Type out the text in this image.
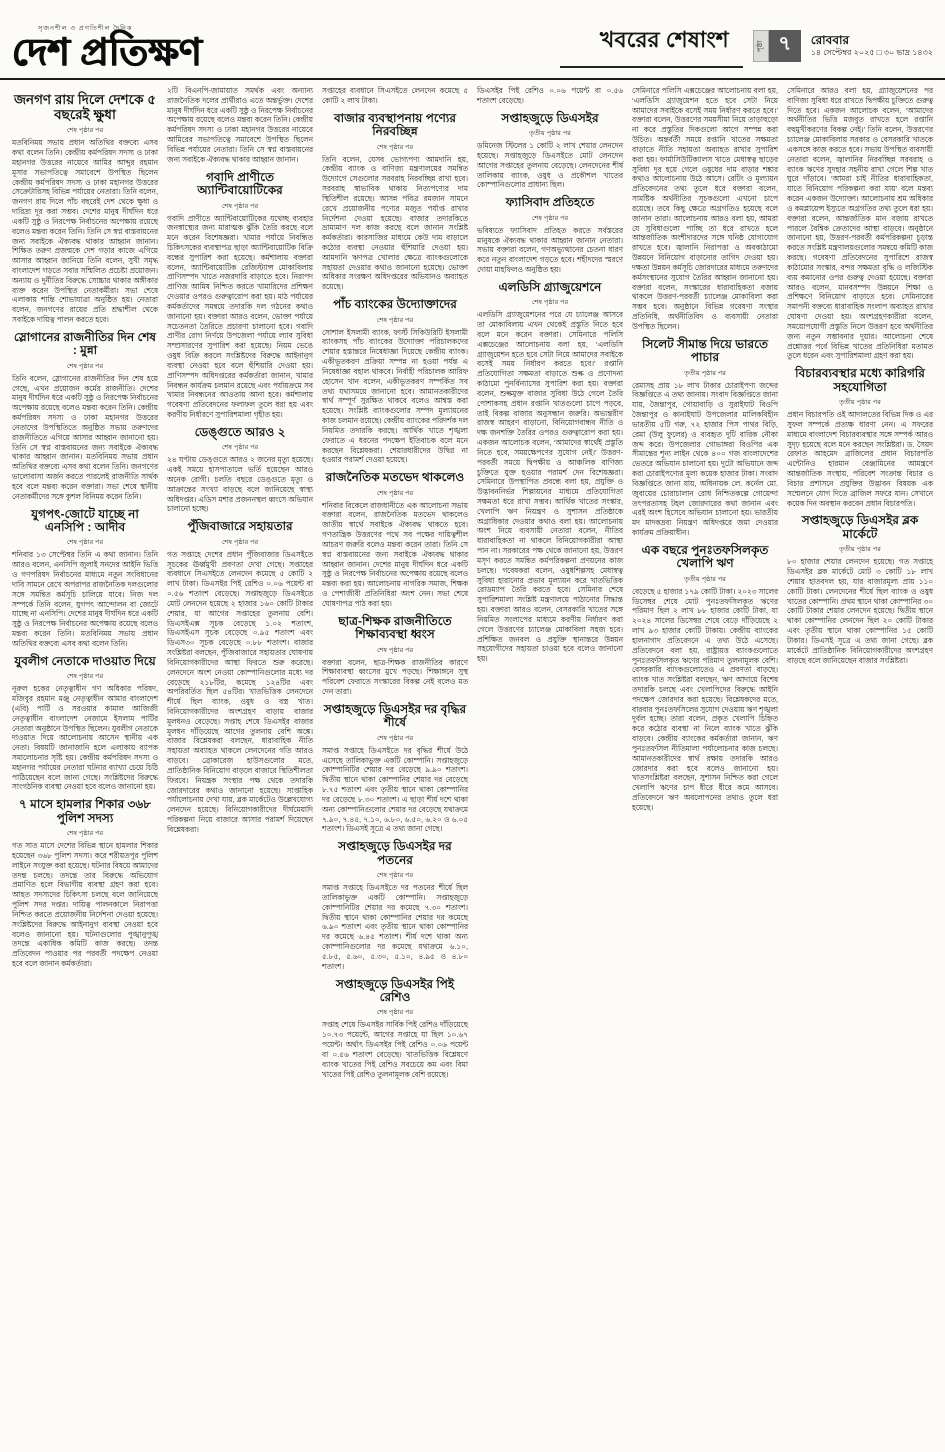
সৃজনশীল ও প্রগতিশীল দৈনিক
দেশ প্রতিক্ষণ	খবরের শেষাংশ	পৃষ্ঠা ৭	রোববার
১৪ সেপ্টেম্বর ২০২৫ □ ৩০ ভাদ্র ১৪৩২
জনগণ রায় দিলে দেশকে ৫ বছরেই ক্ষুধা
শেষ পৃষ্ঠার পর

মতবিনিময় সভায় প্রধান অতিথির বক্তব্যে এসব কথা বলেন তিনি। কেন্দ্রীয় কর্মপরিষদ সদস্য ও ঢাকা মহানগর উত্তরের নায়েবে আমির আব্দুর রহমান মূসার সভাপতিত্বে সমাবেশে উপস্থিত ছিলেন কেন্দ্রীয় কর্মপরিষদ সদস্য ও ঢাকা মহানগর উত্তরের সেক্রেটারিসহ বিভিন্ন পর্যায়ের নেতারা। তিনি বলেন, জনগণ রায় দিলে পাঁচ বছরেই দেশ থেকে ক্ষুধা ও দারিদ্র্য দূর করা সম্ভব। দেশের মানুষ দীর্ঘদিন ধরে একটি সুষ্ঠু ও নিরপেক্ষ নির্বাচনের অপেক্ষায় রয়েছে বলেও মন্তব্য করেন তিনি। তিনি সে স্বপ্ন বাস্তবায়নের জন্য সবাইকে ঐক্যবদ্ধ থাকার আহ্বান জানান। শিক্ষিত তরুণ প্রজন্মকে দেশ গড়ার কাজে এগিয়ে আসার আহ্বান জানিয়ে তিনি বলেন, সুখী সমৃদ্ধ বাংলাদেশ গড়তে সবার সম্মিলিত প্রচেষ্টা প্রয়োজন। অন্যায় ও দুর্নীতির বিরুদ্ধে সোচ্চার থাকার অঙ্গীকার ব্যক্ত করেন উপস্থিত নেতাকর্মীরা। সভা শেষে এলাকায় শান্তি শোভাযাত্রা অনুষ্ঠিত হয়। নেতারা বলেন, জনগণের রায়ের প্রতি শ্রদ্ধাশীল থেকে সবাইকে দায়িত্ব পালন করতে হবে।

স্লোগানের রাজনীতির দিন শেষ : মুন্না
শেষ পৃষ্ঠার পর

তিনি বলেন, স্লোগানের রাজনীতির দিন শেষ হয়ে গেছে, এখন প্রয়োজন কর্মের রাজনীতি। দেশের মানুষ দীর্ঘদিন ধরে একটি সুষ্ঠু ও নিরপেক্ষ নির্বাচনের অপেক্ষায় রয়েছে বলেও মন্তব্য করেন তিনি। কেন্দ্রীয় কর্মপরিষদ সদস্য ও ঢাকা মহানগর উত্তরের নেতাদের উপস্থিতিতে অনুষ্ঠিত সভায় তরুণদের রাজনীতিতে এগিয়ে আসার আহ্বান জানানো হয়। তিনি সে স্বপ্ন বাস্তবায়নের জন্য সবাইকে ঐক্যবদ্ধ থাকার আহ্বান জানান। মতবিনিময় সভায় প্রধান অতিথির বক্তব্যে এসব কথা বলেন তিনি। জনগণের ভালোবাসা অর্জন করতে পারলেই রাজনীতি সার্থক হবে বলে মন্তব্য করেন বক্তারা। সভা শেষে স্থানীয় নেতাকর্মীদের সঙ্গে কুশল বিনিময় করেন তিনি।

যুগপৎ-জোটে যাচ্ছে না এনসিপি : আদীব
শেষ পৃষ্ঠার পর

শনিবার ১৩ সেপ্টেম্বর তিনি এ কথা জানান। তিনি আরও বলেন, এনসিপি জুলাই সনদের আইনি ভিত্তি ও গণপরিষদ নির্বাচনের মাধ্যমে নতুন সংবিধানের দাবি সামনে রেখে অপরাপর রাজনৈতিক দলগুলোর সঙ্গে সমন্বিত কর্মসূচি চালিয়ে যাবে। নিজ দল সম্পর্কে তিনি বলেন, যুগপৎ আন্দোলন বা জোটে যাচ্ছে না এনসিপি। দেশের মানুষ দীর্ঘদিন ধরে একটি সুষ্ঠু ও নিরপেক্ষ নির্বাচনের অপেক্ষায় রয়েছে বলেও মন্তব্য করেন তিনি। মতবিনিময় সভায় প্রধান অতিথির বক্তব্যে এসব কথা বলেন তিনি।

যুবলীগ নেতাকে দাওয়াত দিয়ে
শেষ পৃষ্ঠার পর

নূরুল হকের নেতৃত্বাধীন গণ অধিকার পরিষদ, মজিবুর রহমান মঞ্জু নেতৃত্বাধীন আমার বাংলাদেশ (এবি) পার্টি ও সরওয়ার কামাল আজিজী নেতৃত্বাধীন বাংলাদেশ নেজামে ইসলাম পার্টির নেতারা অনুষ্ঠানে উপস্থিত ছিলেন। যুবলীগ নেতাকে দাওয়াত দিয়ে আলোচনায় আসেন স্থানীয় এক নেতা। বিষয়টি জানাজানি হলে এলাকায় ব্যাপক সমালোচনার সৃষ্টি হয়। কেন্দ্রীয় কর্মপরিষদ সদস্য ও মহানগর পর্যায়ের নেতারা ঘটনার ব্যাখ্যা চেয়ে চিঠি পাঠিয়েছেন বলে জানা গেছে। সংশ্লিষ্টদের বিরুদ্ধে সাংগঠনিক ব্যবস্থা নেওয়া হবে বলেও জানানো হয়।

৭ মাসে হামলার শিকার ৩৬৮ পুলিশ সদস্য
শেষ পৃষ্ঠার পর

গত সাত মাসে দেশের বিভিন্ন স্থানে হামলার শিকার হয়েছেন ৩৬৮ পুলিশ সদস্য। করে শরীয়তপুর পুলিশ লাইনে সংযুক্ত করা হয়েছে। ঘটনার বিষয়ে আমাদের তদন্ত চলছে। তদন্তে তার বিরুদ্ধে অভিযোগ প্রমাণিত হলে বিভাগীয় ব্যবস্থা গ্রহণ করা হবে। আহত সদস্যদের চিকিৎসা চলছে বলে জানিয়েছে পুলিশ সদর দপ্তর। দায়িত্ব পালনকালে নিরাপত্তা নিশ্চিত করতে প্রয়োজনীয় নির্দেশনা দেওয়া হয়েছে। সংশ্লিষ্টদের বিরুদ্ধে আইনানুগ ব্যবস্থা নেওয়া হবে বলেও জানানো হয়। ঘটনাগুলোর পুঙ্খানুপুঙ্খ তদন্তে একাধিক কমিটি কাজ করছে। তদন্ত প্রতিবেদন পাওয়ার পর পরবর্তী পদক্ষেপ নেওয়া হবে বলে জানান কর্মকর্তারা।

২টি বিএনপি-জামায়াত সমর্থক এবং অন্যান্য রাজনৈতিক দলের প্রার্থীরাও এতে অন্তর্ভুক্ত। দেশের মানুষ দীর্ঘদিন ধরে একটি সুষ্ঠু ও নিরপেক্ষ নির্বাচনের অপেক্ষায় রয়েছে বলেও মন্তব্য করেন তিনি। কেন্দ্রীয় কর্মপরিষদ সদস্য ও ঢাকা মহানগর উত্তরের নায়েবে আমিরের সভাপতিত্বে সমাবেশে উপস্থিত ছিলেন বিভিন্ন পর্যায়ের নেতারা। তিনি সে স্বপ্ন বাস্তবায়নের জন্য সবাইকে ঐক্যবদ্ধ থাকার আহ্বান জানান।

গবাদি প্রাণীতে অ্যান্টিবায়োটিকের
শেষ পৃষ্ঠার পর

গবাদি প্রাণীতে অ্যান্টিবায়োটিকের যথেচ্ছ ব্যবহার জনস্বাস্থ্যের জন্য মারাত্মক ঝুঁকি তৈরি করছে বলে মনে করেন বিশেষজ্ঞরা। খামার পর্যায়ে নিবন্ধিত চিকিৎসকের ব্যবস্থাপত্র ছাড়া অ্যান্টিবায়োটিক বিক্রি বন্ধের সুপারিশ করা হয়েছে। কর্মশালায় বক্তারা বলেন, অ্যান্টিবায়োটিক রেজিস্ট্যান্স মোকাবিলায় প্রাণিসম্পদ খাতে নজরদারি বাড়াতে হবে। নিরাপদ প্রাণিজ আমিষ নিশ্চিত করতে খামারিদের প্রশিক্ষণ দেওয়ার ওপরও গুরুত্বারোপ করা হয়। মাঠ পর্যায়ের কর্মকর্তাদের সমন্বয়ে তদারকি দল গঠনের কথাও জানানো হয়। বক্তারা আরও বলেন, ভোক্তা পর্যায়ে সচেতনতা তৈরিতে প্রচারণা চালানো হবে। গবাদি প্রাণীর রোগ নির্ণয়ে উপজেলা পর্যায়ে ল্যাব সুবিধা সম্প্রসারণের সুপারিশ করা হয়েছে। নিয়ম ভেঙে ওষুধ বিক্রি করলে সংশ্লিষ্টদের বিরুদ্ধে আইনানুগ ব্যবস্থা নেওয়া হবে বলে হুঁশিয়ারি দেওয়া হয়। প্রাণিসম্পদ অধিদপ্তরের কর্মকর্তারা জানান, খামার নিবন্ধন কার্যক্রম চলমান রয়েছে এবং পর্যায়ক্রমে সব খামার নিবন্ধনের আওতায় আনা হবে। কর্মশালায় গবেষণা প্রতিবেদনের ফলাফল তুলে ধরা হয় এবং করণীয় নির্ধারণে সুপারিশমালা গৃহীত হয়।

ডেঙ্গুতে আরও ২
শেষ পৃষ্ঠার পর

২৪ ঘণ্টায় ডেঙ্গুতে আরও ২ জনের মৃত্যু হয়েছে। একই সময়ে হাসপাতালে ভর্তি হয়েছেন আরও অনেক রোগী। চলতি বছরে ডেঙ্গুতে মৃত্যু ও আক্রান্তের সংখ্যা বাড়ছে বলে জানিয়েছে স্বাস্থ্য অধিদপ্তর। এডিস মশার প্রজননস্থল ধ্বংসে অভিযান চালানো হচ্ছে।

পুঁজিবাজারে সহায়তার
শেষ পৃষ্ঠার পর

গত সপ্তাহে দেশের প্রধান পুঁজিবাজার ডিএসইতে সূচকের ঊর্ধ্বমুখী প্রবণতা দেখা গেছে। সপ্তাহের ব্যবধানে সিএসইতে লেনদেন কমেছে ৫ কোটি ২ লাখ টাকা। ডিএসইর পিই রেশিও ০.০৬ পয়েন্ট বা ০.৫৬ শতাংশ বেড়েছে। সপ্তাহজুড়ে ডিএসইতে মোট লেনদেন হয়েছে ২ হাজার ১৬০ কোটি টাকার শেয়ার, যা আগের সপ্তাহের তুলনায় বেশি। ডিএসইএক্স সূচক বেড়েছে ১.০২ শতাংশ, ডিএসইএস সূচক বেড়েছে ০.৯৫ শতাংশ এবং ডিএস৩০ সূচক বেড়েছে ০.৮৮ শতাংশ। বাজার সংশ্লিষ্টরা বলছেন, পুঁজিবাজারে সহায়তার ঘোষণায় বিনিয়োগকারীদের আস্থা ফিরতে শুরু করেছে। লেনদেনে অংশ নেওয়া কোম্পানিগুলোর মধ্যে দর বেড়েছে ২১৮টির, কমেছে ১২৪টির এবং অপরিবর্তিত ছিল ৫৪টির। খাতভিত্তিক লেনদেনে শীর্ষে ছিল ব্যাংক, ওষুধ ও বস্ত্র খাত। বিনিয়োগকারীদের অংশগ্রহণ বাড়ায় বাজার মূলধনও বেড়েছে। সপ্তাহ শেষে ডিএসইর বাজার মূলধন দাঁড়িয়েছে আগের তুলনায় বেশি অঙ্কে। বাজার বিশ্লেষকরা বলছেন, ধারাবাহিক নীতি সহায়তা অব্যাহত থাকলে লেনদেনের গতি আরও বাড়বে। ব্রোকারেজ হাউসগুলোর মতে, প্রাতিষ্ঠানিক বিনিয়োগ বাড়লে বাজারে স্থিতিশীলতা ফিরবে। নিয়ন্ত্রক সংস্থার পক্ষ থেকে তদারকি জোরদারের কথাও জানানো হয়েছে। সাপ্তাহিক পর্যালোচনায় দেখা যায়, ব্লক মার্কেটেও উল্লেখযোগ্য লেনদেন হয়েছে। বিনিয়োগকারীদের দীর্ঘমেয়াদি পরিকল্পনা নিয়ে বাজারে আসার পরামর্শ দিয়েছেন বিশ্লেষকরা।

সপ্তাহের ব্যবধানে সিএসইতে লেনদেন কমেছে ৫ কোটি ২ লাখ টাকা।

বাজার ব্যবস্থাপনায় পণ্যের নিরবচ্ছিন্ন
শেষ পৃষ্ঠার পর

তিনি বলেন, যেসব ভোগ্যপণ্য আমদানি হয়, কেন্দ্রীয় ব্যাংক ও বাণিজ্য মন্ত্রণালয়ের সমন্বিত উদ্যোগে সেগুলোর সরবরাহ নিরবচ্ছিন্ন রাখা হবে। সরবরাহ স্বাভাবিক থাকায় নিত্যপণ্যের দাম স্থিতিশীল রয়েছে। আসন্ন পবিত্র রমজান সামনে রেখে প্রয়োজনীয় পণ্যের মজুত পর্যাপ্ত রাখার নির্দেশনা দেওয়া হয়েছে। বাজার তদারকিতে ভ্রাম্যমাণ দল কাজ করছে বলে জানান সংশ্লিষ্ট কর্মকর্তারা। কারসাজির মাধ্যমে কেউ দাম বাড়ালে কঠোর ব্যবস্থা নেওয়ার হুঁশিয়ারি দেওয়া হয়। আমদানি ঋণপত্র খোলার ক্ষেত্রে ব্যাংকগুলোকে সহায়তা দেওয়ার কথাও জানানো হয়েছে। ভোক্তা অধিকার সংরক্ষণ অধিদপ্তরের অভিযানও অব্যাহত রয়েছে।

পাঁচ ব্যাংকের উদ্যোক্তাদের
শেষ পৃষ্ঠার পর

সোশাল ইসলামী ব্যাংক, ফার্স্ট সিকিউরিটি ইসলামী ব্যাংকসহ পাঁচ ব্যাংকের উদ্যোক্তা পরিচালকদের শেয়ার হস্তান্তরে নিষেধাজ্ঞা দিয়েছে কেন্দ্রীয় ব্যাংক। একীভূতকরণ প্রক্রিয়া সম্পন্ন না হওয়া পর্যন্ত এ নিষেধাজ্ঞা বহাল থাকবে। নির্বাহী পরিচালক আরিফ হোসেন খান বলেন, একীভূতকরণ সম্পর্কিত সব তথ্য যথাসময়ে জানানো হবে। আমানতকারীদের স্বার্থ সম্পূর্ণ সুরক্ষিত থাকবে বলেও আশ্বস্ত করা হয়েছে। সংশ্লিষ্ট ব্যাংকগুলোর সম্পদ মূল্যায়নের কাজ চলমান রয়েছে। কেন্দ্রীয় ব্যাংকের পরিদর্শক দল নিয়মিত তদারকি করছে। আর্থিক খাতে শৃঙ্খলা ফেরাতে এ ধরনের পদক্ষেপ ইতিবাচক বলে মনে করছেন বিশ্লেষকরা। শেয়ারধারীদের উদ্বিগ্ন না হওয়ার পরামর্শ দেওয়া হয়েছে।

রাজনৈতিক মতভেদ থাকলেও
শেষ পৃষ্ঠার পর

শনিবার বিকেলে রাজধানীতে এক আলোচনা সভায় বক্তারা বলেন, রাজনৈতিক মতভেদ থাকলেও জাতীয় স্বার্থে সবাইকে ঐক্যবদ্ধ থাকতে হবে। গণতান্ত্রিক উত্তরণের পথে সব পক্ষের দায়িত্বশীল আচরণ জরুরি বলেও মন্তব্য করেন তারা। তিনি সে স্বপ্ন বাস্তবায়নের জন্য সবাইকে ঐক্যবদ্ধ থাকার আহ্বান জানান। দেশের মানুষ দীর্ঘদিন ধরে একটি সুষ্ঠু ও নিরপেক্ষ নির্বাচনের অপেক্ষায় রয়েছে বলেও মন্তব্য করা হয়। আলোচনায় নাগরিক সমাজ, শিক্ষক ও পেশাজীবী প্রতিনিধিরা অংশ নেন। সভা শেষে ঘোষণাপত্র পাঠ করা হয়।

ছাত্র-শিক্ষক রাজনীতিতে শিক্ষাব্যবস্থা ধ্বংস
শেষ পৃষ্ঠার পর

বক্তারা বলেন, ছাত্র-শিক্ষক রাজনীতির কারণে শিক্ষাব্যবস্থা ধ্বংসের মুখে পড়ছে। শিক্ষাঙ্গনে সুস্থ পরিবেশ ফেরাতে সংস্কারের বিকল্প নেই বলেও মত দেন তারা।

সপ্তাহজুড়ে ডিএসইর দর বৃদ্ধির শীর্ষে
শেষ পৃষ্ঠার পর

সমাপ্ত সপ্তাহে ডিএসইতে দর বৃদ্ধির শীর্ষে উঠে এসেছে তালিকাভুক্ত একটি কোম্পানি। সপ্তাহজুড়ে কোম্পানিটির শেয়ার দর বেড়েছে ৯.৯০ শতাংশ। দ্বিতীয় স্থানে থাকা কোম্পানির শেয়ার দর বেড়েছে ৮.৭৫ শতাংশ এবং তৃতীয় স্থানে থাকা কোম্পানির দর বেড়েছে ৮.৩০ শতাংশ। এ ছাড়া শীর্ষ দশে থাকা অন্য কোম্পানিগুলোর শেয়ার দর বেড়েছে যথাক্রমে ৭.৯০, ৭.৪৫, ৭.১০, ৬.৮০, ৬.৫০, ৬.২০ ও ৬.০৫ শতাংশ। ডিএসই সূত্রে এ তথ্য জানা গেছে।

সপ্তাহজুড়ে ডিএসইর দর পতনের
শেষ পৃষ্ঠার পর

সমাপ্ত সপ্তাহে ডিএসইতে দর পতনের শীর্ষে ছিল তালিকাভুক্ত একটি কোম্পানি। সপ্তাহজুড়ে কোম্পানিটির শেয়ার দর কমেছে ৭.৩০ শতাংশ। দ্বিতীয় স্থানে থাকা কোম্পানির শেয়ার দর কমেছে ৬.৯০ শতাংশ এবং তৃতীয় স্থানে থাকা কোম্পানির দর কমেছে ৬.৪৫ শতাংশ। শীর্ষ দশে থাকা অন্য কোম্পানিগুলোর দর কমেছে যথাক্রমে ৬.১০, ৫.৮৫, ৫.৬০, ৫.৩০, ৫.১০, ৪.৯৫ ও ৪.৮০ শতাংশ।

সপ্তাহজুড়ে ডিএসইর পিই রেশিও
শেষ পৃষ্ঠার পর

সপ্তাহ শেষে ডিএসইর সার্বিক পিই রেশিও দাঁড়িয়েছে ১০.৭৩ পয়েন্টে, আগের সপ্তাহে যা ছিল ১০.৬৭ পয়েন্ট। অর্থাৎ ডিএসইর পিই রেশিও ০.০৬ পয়েন্ট বা ০.৫৬ শতাংশ বেড়েছে। খাতভিত্তিক বিশ্লেষণে ব্যাংক খাতের পিই রেশিও সবচেয়ে কম এবং বিমা খাতের পিই রেশিও তুলনামূলক বেশি রয়েছে।

ডিএসইর পিই রেশিও ০.০৬ পয়েন্ট বা ০.৫৬ শতাংশ বেড়েছে।

সপ্তাহজুড়ে ডিএসইর
তৃতীয় পৃষ্ঠার পর

ডমিনেজ স্টিলের ১ কোটি ২ লাখ শেয়ার লেনদেন হয়েছে। সপ্তাহজুড়ে ডিএসইতে মোট লেনদেন আগের সপ্তাহের তুলনায় বেড়েছে। লেনদেনের শীর্ষ তালিকায় ব্যাংক, ওষুধ ও প্রকৌশল খাতের কোম্পানিগুলোর প্রাধান্য ছিল।

ফ্যাসিবাদ প্রতিহতে
শেষ পৃষ্ঠার পর

ভবিষ্যতে ফ্যাসিবাদ প্রতিহত করতে সর্বস্তরের মানুষকে ঐক্যবদ্ধ থাকার আহ্বান জানান নেতারা। সভায় বক্তারা বলেন, গণঅভ্যুত্থানের চেতনা ধারণ করে নতুন বাংলাদেশ গড়তে হবে। শহীদদের স্মরণে দোয়া মাহফিলও অনুষ্ঠিত হয়।

এলডিসি গ্র্যাজুয়েশনে
শেষ পৃষ্ঠার পর

এলডিসি গ্র্যাজুয়েশনের পরে যে চ্যালেঞ্জ আসবে তা মোকাবিলায় এখন থেকেই প্রস্তুতি নিতে হবে বলে মনে করেন বক্তারা। সেমিনারে পলিসি এক্সচেঞ্জের আলোচনায় বলা হয়, ‘এলডিসি গ্র্যাজুয়েশন হতে হবে সেটা নিয়ে আমাদের সবাইকে বসেই সময় নির্ধারণ করতে হবে।’ রপ্তানি প্রতিযোগিতা সক্ষমতা বাড়াতে শুল্ক ও প্রণোদনা কাঠামো পুনর্বিন্যাসের সুপারিশ করা হয়। বক্তারা বলেন, শুল্কমুক্ত বাজার সুবিধা উঠে গেলে তৈরি পোশাকসহ প্রধান রপ্তানি খাতগুলো চাপে পড়বে, তাই বিকল্প বাজার অনুসন্ধান জরুরি। অভ্যন্তরীণ রাজস্ব আহরণ বাড়ানো, বিনিয়োগবান্ধব নীতি ও দক্ষ জনশক্তি তৈরির ওপরও গুরুত্বারোপ করা হয়। একজন আলোচক বলেন, ‘আমাদের স্বার্থেই প্রস্তুতি নিতে হবে, সময়ক্ষেপণের সুযোগ নেই।’ উত্তরণ-পরবর্তী সময়ে দ্বিপক্ষীয় ও আঞ্চলিক বাণিজ্য চুক্তিতে যুক্ত হওয়ার পরামর্শ দেন বিশেষজ্ঞরা। সেমিনারে উপস্থাপিত প্রবন্ধে বলা হয়, প্রযুক্তি ও উদ্ভাবননির্ভর শিল্পায়নের মাধ্যমে প্রতিযোগিতা সক্ষমতা ধরে রাখা সম্ভব। আর্থিক খাতের সংস্কার, খেলাপি ঋণ নিয়ন্ত্রণ ও সুশাসন প্রতিষ্ঠাকে অগ্রাধিকার দেওয়ার কথাও বলা হয়। আলোচনায় অংশ নিয়ে ব্যবসায়ী নেতারা বলেন, নীতির ধারাবাহিকতা না থাকলে বিনিয়োগকারীরা আস্থা পান না। সরকারের পক্ষ থেকে জানানো হয়, উত্তরণ মসৃণ করতে সমন্বিত কর্মপরিকল্পনা প্রণয়নের কাজ চলছে। গবেষকরা বলেন, ওষুধশিল্পসহ মেধাস্বত্ব সুবিধা হারানোর প্রভাব মূল্যায়ন করে খাতভিত্তিক রোডম্যাপ তৈরি করতে হবে। সেমিনার শেষে সুপারিশমালা সংশ্লিষ্ট মন্ত্রণালয়ে পাঠানোর সিদ্ধান্ত হয়। বক্তারা আরও বলেন, বেসরকারি খাতের সঙ্গে নিয়মিত সংলাপের মাধ্যমে করণীয় নির্ধারণ করা গেলে উত্তরণের চ্যালেঞ্জ মোকাবিলা সহজ হবে। প্রশিক্ষিত জনবল ও প্রযুক্তি স্থানান্তরে উন্নয়ন সহযোগীদের সহায়তা চাওয়া হবে বলেও জানানো হয়।

সেমিনারে পলিসি এক্সচেঞ্জের আলোচনায় বলা হয়, ‘এলডিসি গ্র্যাজুয়েশন হতে হবে সেটা নিয়ে আমাদের সবাইকে বসেই সময় নির্ধারণ করতে হবে।’ বক্তারা বলেন, উত্তরণের সময়সীমা নিয়ে তাড়াহুড়ো না করে প্রস্তুতির দিকগুলো আগে সম্পন্ন করা উচিত। অন্তর্বর্তী সময়ে রপ্তানি খাতের সক্ষমতা বাড়াতে নীতি সহায়তা অব্যাহত রাখার সুপারিশ করা হয়। ফার্মাসিউটিক্যালস খাতে মেধাস্বত্ব ছাড়ের সুবিধা দূর হয়ে গেলে ওষুধের দাম বাড়ার শঙ্কার কথাও আলোচনায় উঠে আসে। রেটিং ও মূল্যায়ন প্রতিবেদনের তথ্য তুলে ধরে বক্তারা বলেন, সামষ্টিক অর্থনীতির সূচকগুলো এখনো চাপে রয়েছে। তবে কিছু ক্ষেত্রে অগ্রগতিও হয়েছে বলে জানান তারা। আলোচনায় আরও বলা হয়, আমরা যে সুবিধাগুলো পাচ্ছি তা ধরে রাখতে হলে আন্তর্জাতিক অংশীদারদের সঙ্গে ঘনিষ্ঠ যোগাযোগ রাখতে হবে। জ্বালানি নিরাপত্তা ও অবকাঠামো উন্নয়নে বিনিয়োগ বাড়ানোর তাগিদ দেওয়া হয়। দক্ষতা উন্নয়ন কর্মসূচি জোরদারের মাধ্যমে তরুণদের কর্মসংস্থানের সুযোগ তৈরির আহ্বান জানানো হয়। বক্তারা বলেন, সংস্কারের ধারাবাহিকতা বজায় থাকলে উত্তরণ-পরবর্তী চ্যালেঞ্জ মোকাবিলা করা সম্ভব হবে। অনুষ্ঠানে বিভিন্ন গবেষণা সংস্থার প্রতিনিধি, অর্থনীতিবিদ ও ব্যবসায়ী নেতারা উপস্থিত ছিলেন।

সিলেট সীমান্ত দিয়ে ভারতে পাচার
তৃতীয় পৃষ্ঠার পর

রেমাসহ প্রায় ১৮ লাখ টাকার চোরাইপণ্য জব্দের বিজ্ঞপ্তিতে এ তথ্য জানায়। সংবাদ বিজ্ঞপ্তিতে জানা যায়, জৈন্তাপুর, গোয়াবাড়ি ও সুরাইঘাট বিওপি জৈন্তাপুর ও কানাইঘাট উপজেলার মালিকবিহীন ভারতীয় ৫টি গরু, ৭২ হাজার পিস পাথর বিড়ি, রেমা (উলু ফুলের) ও ব্যবহৃত দুটি বারিক নৌকা জব্দ করে। উপজেলার গোভাঙ্গরা বিওপির এক সীমান্তের শূন্য লাইন থেকে ৪০০ গজ বাংলাদেশের ভেতরে অভিযান চালানো হয়। দুটো অভিযানে জব্দ করা চোরাইপণ্যের মূল্য কয়েক হাজার টাকা। সংবাদ বিজ্ঞপ্তিতে জানা যায়, অধিনায়ক লে. কর্নেল মো. জুবায়ের চোরাচালান রোধ নিশ্চিতকল্পে গোয়েন্দা তৎপরতাসহ টহল জোরদারের কথা জানান এবং এরই অংশ হিসেবে অভিযান চালানো হয়। ভারতীয় মদ মাদকদ্রব্য নিয়ন্ত্রণ অধিদপ্তরে জমা দেওয়ার কার্যক্রম প্রক্রিয়াধীন।

এক বছরে পুনঃতফসিলকৃত খেলাপি ঋণ
তৃতীয় পৃষ্ঠার পর

বেড়েছে ৫ হাজার ১৭৯ কোটি টাকা। ২০২৩ সালের ডিসেম্বর শেষে মোট পুনঃতফসিলকৃত ঋণের পরিমাণ ছিল ২ লাখ ৮৮ হাজার কোটি টাকা, যা ২০২৪ সালের ডিসেম্বর শেষে বেড়ে দাঁড়িয়েছে ২ লাখ ৯৩ হাজার কোটি টাকায়। কেন্দ্রীয় ব্যাংকের হালনাগাদ প্রতিবেদনে এ তথ্য উঠে এসেছে। প্রতিবেদনে বলা হয়, রাষ্ট্রায়ত্ত ব্যাংকগুলোতে পুনঃতফসিলকৃত ঋণের পরিমাণ তুলনামূলক বেশি। বেসরকারি ব্যাংকগুলোতেও এ প্রবণতা বাড়ছে। ব্যাংক খাত সংশ্লিষ্টরা বলছেন, ঋণ আদায়ে বিশেষ তদারকি চলছে এবং খেলাপিদের বিরুদ্ধে আইনি পদক্ষেপ জোরদার করা হয়েছে। বিশ্লেষকদের মতে, বারবার পুনঃতফসিলের সুযোগ দেওয়ায় ঋণ শৃঙ্খলা দুর্বল হচ্ছে। তারা বলেন, প্রকৃত খেলাপি চিহ্নিত করে কঠোর ব্যবস্থা না নিলে ব্যাংক খাতে ঝুঁকি বাড়বে। কেন্দ্রীয় ব্যাংকের কর্মকর্তারা জানান, ঋণ পুনঃতফসিল নীতিমালা পর্যালোচনার কাজ চলছে। আমানতকারীদের স্বার্থ রক্ষায় তদারকি আরও জোরদার করা হবে বলেও জানানো হয়। খাতসংশ্লিষ্টরা বলছেন, সুশাসন নিশ্চিত করা গেলে খেলাপি ঋণের চাপ ধীরে ধীরে কমে আসবে। প্রতিবেদনে ঋণ অবলোপনের তথ্যও তুলে ধরা হয়েছে।

সেমিনারে আরও বলা হয়, গ্র্যাজুয়েশনের পর বাণিজ্য সুবিধা ধরে রাখতে দ্বিপক্ষীয় চুক্তিতে গুরুত্ব দিতে হবে। একজন আলোচক বলেন, ‘আমাদের অর্থনীতির ভিত্তি মজবুত রাখতে হলে রপ্তানি বহুমুখীকরণের বিকল্প নেই।’ তিনি বলেন, উত্তরণের চ্যালেঞ্জ মোকাবিলায় সরকার ও বেসরকারি খাতকে একসঙ্গে কাজ করতে হবে। সভায় উপস্থিত ব্যবসায়ী নেতারা বলেন, জ্বালানির নিরবচ্ছিন্ন সরবরাহ ও ব্যাংক ঋণের সুদহার সহনীয় রাখা গেলে শিল্প খাত ঘুরে দাঁড়াবে। ‘আমরা চাই নীতির ধারাবাহিকতা, যাতে বিনিয়োগ পরিকল্পনা করা যায়’ বলে মন্তব্য করেন একজন উদ্যোক্তা। আলোচনায় শ্রম অধিকার ও কমপ্লায়েন্স ইস্যুতে অগ্রগতির তথ্য তুলে ধরা হয়। বক্তারা বলেন, আন্তর্জাতিক মান বজায় রাখতে পারলে বৈশ্বিক ক্রেতাদের আস্থা বাড়বে। অনুষ্ঠানে জানানো হয়, উত্তরণ-পরবর্তী কর্মপরিকল্পনা চূড়ান্ত করতে সংশ্লিষ্ট মন্ত্রণালয়গুলোর সমন্বয়ে কমিটি কাজ করছে। গবেষণা প্রতিবেদনের সুপারিশে রাজস্ব কাঠামোর সংস্কার, বন্দর সক্ষমতা বৃদ্ধি ও লজিস্টিক ব্যয় কমানোর ওপর গুরুত্ব দেওয়া হয়েছে। বক্তারা আরও বলেন, মানবসম্পদ উন্নয়নে শিক্ষা ও প্রশিক্ষণে বিনিয়োগ বাড়াতে হবে। সেমিনারের সমাপনী বক্তব্যে ধারাবাহিক সংলাপ অব্যাহত রাখার ঘোষণা দেওয়া হয়। অংশগ্রহণকারীরা বলেন, সময়োপযোগী প্রস্তুতি নিলে উত্তরণ হবে অর্থনীতির জন্য নতুন সম্ভাবনার দুয়ার। আলোচনা শেষে প্রশ্নোত্তর পর্বে বিভিন্ন খাতের প্রতিনিধিরা মতামত তুলে ধরেন এবং সুপারিশমালা গ্রহণ করা হয়।

বিচারব্যবস্থার মধ্যে কারিগরি সহযোগিতা
তৃতীয় পৃষ্ঠার পর

প্রধান বিচারপতি ওই আদালতের বিভিন্ন দিক ও এর সুফল সম্পর্কে প্রত্যক্ষ ধারণা নেন। এ সফরের মাধ্যমে বাংলাদেশ বিচারব্যবস্থার সঙ্গে সম্পর্ক আরও সুদৃঢ় হয়েছে বলে মনে করছেন সংশ্লিষ্টরা। ড. সৈয়দ রেফাত আহমেদ ব্রাজিলের প্রধান বিচারপতি এন্টোনিও হারমান বেঞ্জামিনের আমন্ত্রণে আন্তর্জাতিক সংস্থায়, পরিবেশ সংক্রান্ত বিচার ও বিচার প্রশাসনে প্রযুক্তির উদ্ভাবন বিষয়ক এক সম্মেলনে যোগ দিতে ব্রাজিল সফরে যান। সেখানে কয়েক দিন অবস্থান করবেন প্রধান বিচারপতি।

সপ্তাহজুড়ে ডিএসইর ব্লক মার্কেটে
তৃতীয় পৃষ্ঠার পর

৮০ হাজার শেয়ার লেনদেন হয়েছে। গত সপ্তাহে ডিএসইর ব্লক মার্কেটে মোট ৩ কোটি ১৮ লাখ শেয়ার হাতবদল হয়, যার বাজারমূল্য প্রায় ১১০ কোটি টাকা। লেনদেনের শীর্ষে ছিল ব্যাংক ও ওষুধ খাতের কোম্পানি। প্রথম স্থানে থাকা কোম্পানির ৩০ কোটি টাকার শেয়ার লেনদেন হয়েছে। দ্বিতীয় স্থানে থাকা কোম্পানির লেনদেন ছিল ২০ কোটি টাকার এবং তৃতীয় স্থানে থাকা কোম্পানির ১৫ কোটি টাকার। ডিএসই সূত্রে এ তথ্য জানা গেছে। ব্লক মার্কেটে প্রাতিষ্ঠানিক বিনিয়োগকারীদের অংশগ্রহণ বাড়ছে বলে জানিয়েছেন বাজার সংশ্লিষ্টরা।
